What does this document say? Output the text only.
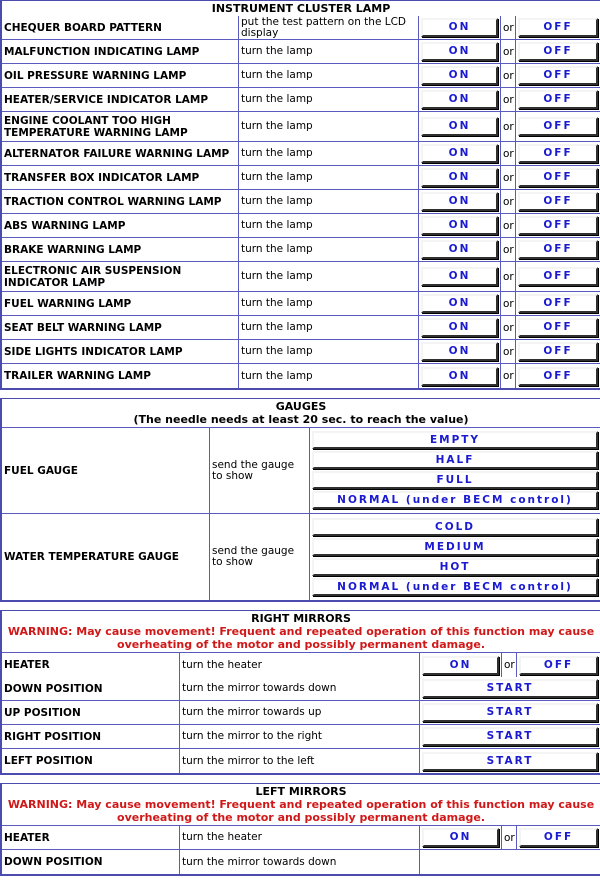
INSTRUMENT CLUSTER LAMP				
CHEQUER BOARD PATTERN	put the test pattern on the LCD display	ON	or	OFF

MALFUNCTION INDICATING LAMP	turn the lamp	ON	or	OFF

OIL PRESSURE WARNING LAMP	turn the lamp	ON	or	OFF

HEATER/SERVICE INDICATOR LAMP	turn the lamp	ON	or	OFF

ENGINE COOLANT TOO HIGH TEMPERATURE WARNING LAMP	turn the lamp	ON	or	OFF

ALTERNATOR FAILURE WARNING LAMP	turn the lamp	ON	or	OFF

TRANSFER BOX INDICATOR LAMP	turn the lamp	ON	or	OFF

TRACTION CONTROL WARNING LAMP	turn the lamp	ON	or	OFF

ABS WARNING LAMP	turn the lamp	ON	or	OFF

BRAKE WARNING LAMP	turn the lamp	ON	or	OFF

ELECTRONIC AIR SUSPENSION INDICATOR LAMP	turn the lamp	ON	or	OFF

FUEL WARNING LAMP	turn the lamp	ON	or	OFF

SEAT BELT WARNING LAMP	turn the lamp	ON	or	OFF

SIDE LIGHTS INDICATOR LAMP	turn the lamp	ON	or	OFF

TRAILER WARNING LAMP	turn the lamp	ON	or	OFF
GAUGES
(The needle needs at least 20 sec. to reach the value)		

FUEL GAUGE	send the gauge to show	EMPTY
HALF
FULL
NORMAL (under BECM control)

WATER TEMPERATURE GAUGE	send the gauge to show	COLD
MEDIUM
HOT
NORMAL (under BECM control)
RIGHT MIRRORS
WARNING: May cause movement! Frequent and repeated operation of this function may cause overheating of the motor and possibly permanent damage.				

HEATER	turn the heater	ON	or	OFF

DOWN POSITION	turn the mirror towards down	START		

UP POSITION	turn the mirror towards up	START		

RIGHT POSITION	turn the mirror to the right	START		

LEFT POSITION	turn the mirror to the left	START		
LEFT MIRRORS
WARNING: May cause movement! Frequent and repeated operation of this function may cause overheating of the motor and possibly permanent damage.				

HEATER	turn the heater	ON	or	OFF

DOWN POSITION	turn the mirror towards down			
